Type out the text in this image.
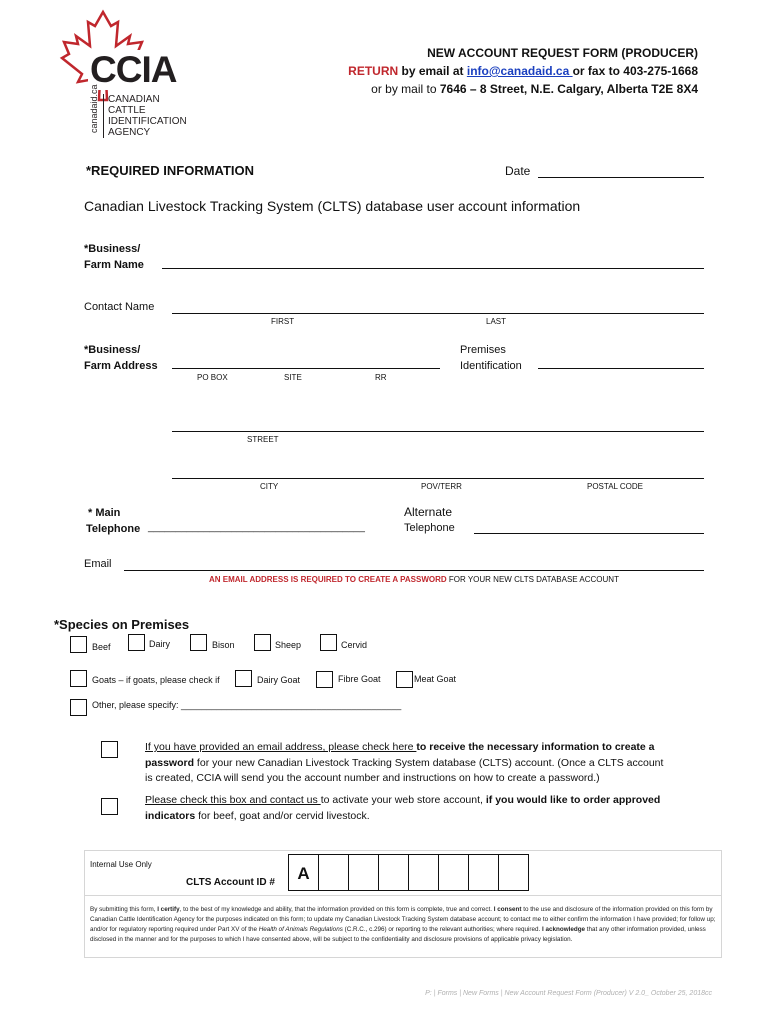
CCIA
canadaid.ca CANADIAN
CATTLE
IDENTIFICATION
AGENCY
NEW ACCOUNT REQUEST FORM (PRODUCER)
RETURN by email at info@canadaid.ca or fax to 403-275-1668
or by mail to 7646 – 8 Street, N.E. Calgary, Alberta T2E 8X4
*REQUIRED INFORMATION	Date
Canadian Livestock Tracking System (CLTS) database user account information
*Business/
Farm Name
Contact Name
FIRST	LAST
*Business/
Farm Address
PO BOX	SITE	RR
Premises
Identification
STREET
CITY	POV/TERR	POSTAL CODE
* Main
Telephone _______________________________________
Alternate
Telephone
Email
AN EMAIL ADDRESS IS REQUIRED TO CREATE A PASSWORD FOR YOUR NEW CLTS DATABASE ACCOUNT
*Species on Premises
Beef	Dairy	Bison	Sheep	Cervid
Goats – if goats, please check if	Dairy Goat	Fibre Goat	Meat Goat
Other, please specify: ____________________________________________
If you have provided an email address, please check here to receive the necessary information to create a
password for your new Canadian Livestock Tracking System database (CLTS) account. (Once a CLTS account
is created, CCIA will send you the account number and instructions on how to create a password.)
Please check this box and contact us to activate your web store account, if you would like to order approved
indicators for beef, goat and/or cervid livestock.
Internal Use Only
CLTS Account ID #	A
By submitting this form, I certify, to the best of my knowledge and ability, that the information provided on this form is complete, true and correct. I consent to the use and disclosure of the information provided on this form by Canadian Cattle Identification Agency for the purposes indicated on this form; to update my Canadian Livestock Tracking System database account; to contact me to either confirm the information I have provided; for follow up; and/or for regulatory reporting required under Part XV of the Health of Animals Regulations (C.R.C., c.296) or reporting to the relevant authorities; where required. I acknowledge that any other information provided, unless disclosed in the manner and for the purposes to which I have consented above, will be subject to the confidentiality and disclosure provisions of applicable privacy legislation.
P: | Forms | New Forms | New Account Request Form (Producer) V 2.0_ October 25, 2018cc
